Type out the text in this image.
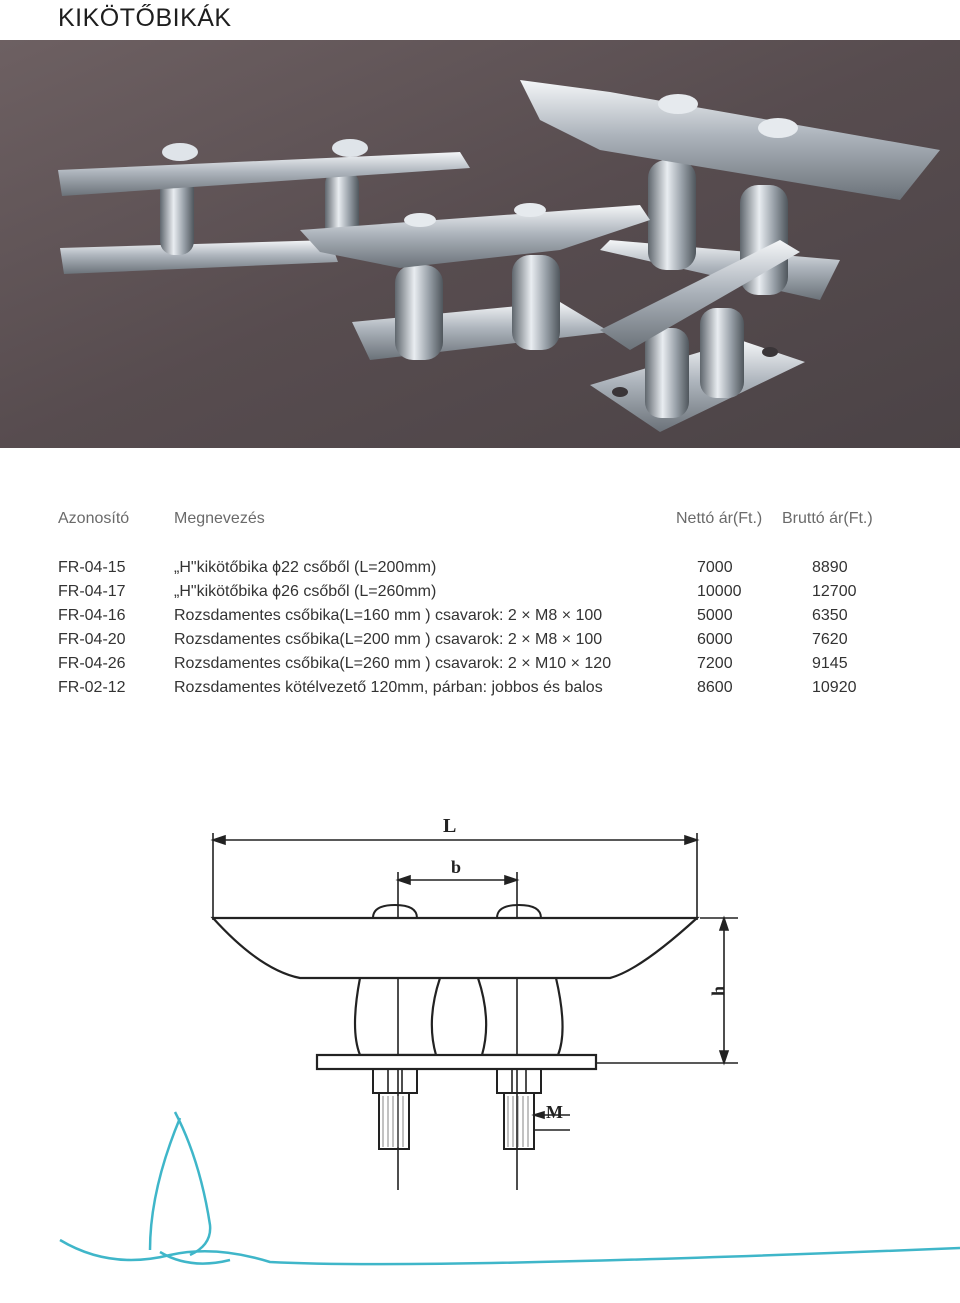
KIKÖTŐBIKÁK
Azonosító	Megnevezés	Nettó ár(Ft.) Bruttó ár(Ft.)
FR-04-15	„H"kikötőbika ϕ22 csőből (L=200mm)	7000	8890
FR-04-17	„H"kikötőbika ϕ26 csőből (L=260mm)	10000	12700
FR-04-16	Rozsdamentes csőbika(L=160 mm ) csavarok: 2 × M8 × 100	5000	6350
FR-04-20	Rozsdamentes csőbika(L=200 mm ) csavarok: 2 × M8 × 100	6000	7620
FR-04-26	Rozsdamentes csőbika(L=260 mm ) csavarok: 2 × M10 × 120	7200	9145
FR-02-12	Rozsdamentes kötélvezető 120mm, párban: jobbos és balos	8600	10920
L
b
h
M
